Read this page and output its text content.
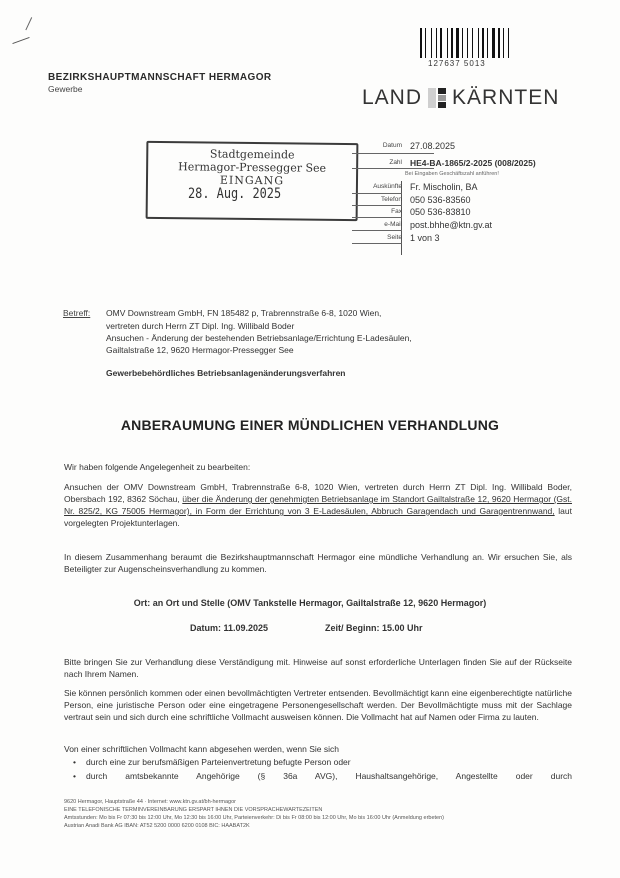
127637 5013
BEZIRKSHAUPTMANNSCHAFT HERMAGOR
Gewerbe	LAND KÄRNTEN
Stadtgemeinde
Hermagor-Pressegger See
EINGANG
28. Aug. 2025
Datum 27.08.2025
Zahl HE4-BA-1865/2-2025 (008/2025)
Bei Eingaben Geschäftszahl anführen!
Auskünfte Fr. Mischolin, BA
Telefon 050 536-83560
Fax 050 536-83810
e-Mail post.bhhe@ktn.gv.at
Seite 1 von 3
Betreff: OMV Downstream GmbH, FN 185482 p, Trabrennstraße 6-8, 1020 Wien,
vertreten durch Herrn ZT Dipl. Ing. Willibald Boder
Ansuchen - Änderung der bestehenden Betriebsanlage/Errichtung E-Ladesäulen,
Gailtalstraße 12, 9620 Hermagor-Pressegger See
Gewerbebehördliches Betriebsanlagenänderungsverfahren
ANBERAUMUNG EINER MÜNDLICHEN VERHANDLUNG
Wir haben folgende Angelegenheit zu bearbeiten:
Ansuchen der OMV Downstream GmbH, Trabrennstraße 6-8, 1020 Wien, vertreten durch Herrn ZT Dipl. Ing. Willibald Boder, Obersbach 192, 8362 Söchau, über die Änderung der genehmigten Betriebsanlage im Standort Gailtalstraße 12, 9620 Hermagor (Gst. Nr. 825/2, KG 75005 Hermagor), in Form der Errichtung von 3 E-Ladesäulen, Abbruch Garagendach und Garagentrennwand, laut vorgelegten Projektunterlagen.
In diesem Zusammenhang beraumt die Bezirkshauptmannschaft Hermagor eine mündliche Verhandlung an. Wir ersuchen Sie, als Beteiligter zur Augenscheinsverhandlung zu kommen.
Ort: an Ort und Stelle (OMV Tankstelle Hermagor, Gailtalstraße 12, 9620 Hermagor)
Datum: 11.09.2025	Zeit/ Beginn: 15.00 Uhr
Bitte bringen Sie zur Verhandlung diese Verständigung mit. Hinweise auf sonst erforderliche Unterlagen finden Sie auf der Rückseite nach Ihrem Namen.
Sie können persönlich kommen oder einen bevollmächtigten Vertreter entsenden. Bevollmächtigt kann eine eigenberechtigte natürliche Person, eine juristische Person oder eine eingetragene Personengesellschaft werden. Der Bevollmächtigte muss mit der Sachlage vertraut sein und sich durch eine schriftliche Vollmacht ausweisen können. Die Vollmacht hat auf Namen oder Firma zu lauten.
Von einer schriftlichen Vollmacht kann abgesehen werden, wenn Sie sich
• durch eine zur berufsmäßigen Parteienvertretung befugte Person oder
• durch amtsbekannte Angehörige (§ 36a AVG), Haushaltsangehörige, Angestellte oder durch
9620 Hermagor, Hauptstraße 44 · Internet: www.ktn.gv.at/bh-hermagor
EINE TELEFONISCHE TERMINVEREINBARUNG ERSPART IHNEN DIE VORSPRACHEWARTEZEITEN
Amtsstunden: Mo bis Fr 07:30 bis 12:00 Uhr, Mo 12:30 bis 16:00 Uhr, Parteienverkehr: Di bis Fr 08:00 bis 12:00 Uhr, Mo bis 16:00 Uhr (Anmeldung erbeten)
Austrian Anadi Bank AG IBAN: AT52 5200 0000 6200 0108 BIC: HAABAT2K
